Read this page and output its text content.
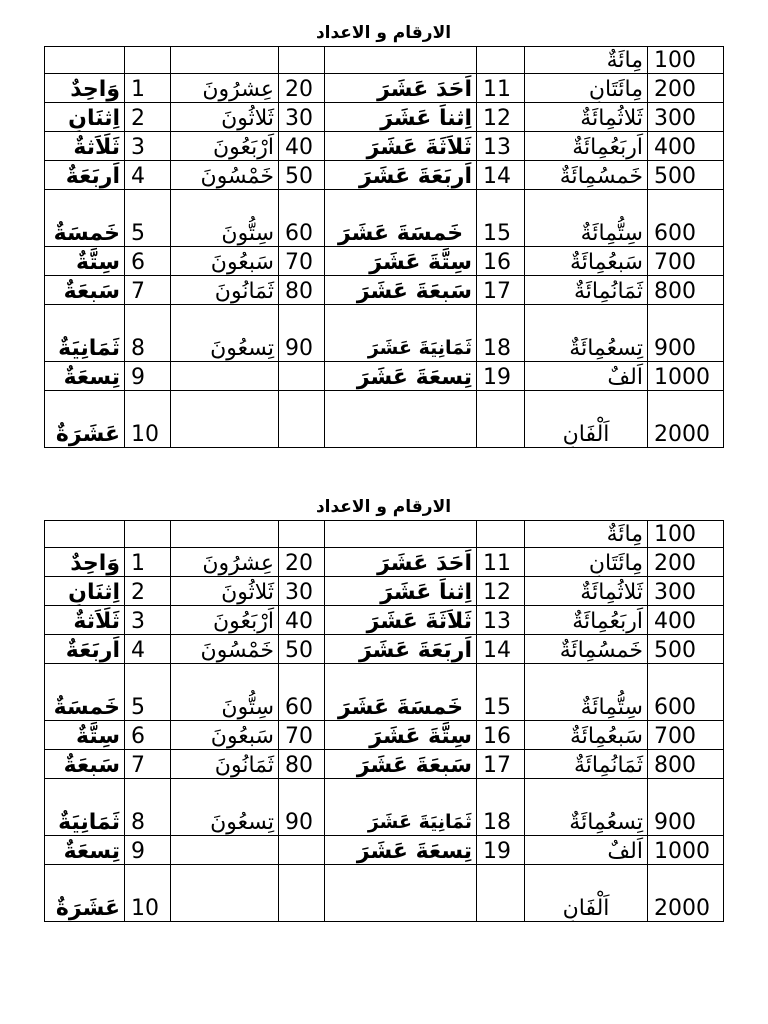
الارقام و الاعداد
						مِائَةٌ	100
وَاحِدٌ	1	عِشرُونَ	20	اَحَدَ عَشَرَ	11	مِائَتَانِ	200
اِثنَانِ	2	ثَلاثُونَ	30	اِثناَ عَشَرَ	12	ثَلاثُمِائَةٌ	300
ثَلَاَثةٌ	3	اَرْبَعُونَ	40	ثَلاَثَةَ عَشَرَ	13	اَربَعُمِائَةٌ	400
اَربَعَةٌ	4	خَمْسُونَ	50	اَربَعَةَ عَشَرَ	14	خَمسُمِائَةٌ	500
خَمسَةٌ	5	سِتُّونَ	60	خَمسَةَ عَشَرَ	15	سِتُّمِائَةٌ	600
سِتَّةٌ	6	سَبعُونَ	70	سِتَّةَ عَشَرَ	16	سَبعُمِائَةٌ	700
سَبعَةٌ	7	ثَمَانُونَ	80	سَبعَةَ عَشَرَ	17	ثَمَانُمِائَةٌ	800
ثَمَانِيَةٌ	8	تِسعُونَ	90	ثَمَانِيَةَ عَشَرَ	18	تِسعُمِائَةٌ	900
تِسعَةٌ	9			تِسعَةَ عَشَرَ	19	اَلفٌ	1000
عَشَرَةٌ	10					اَلْفَانِ	2000
الارقام و الاعداد
						مِائَةٌ	100
وَاحِدٌ	1	عِشرُونَ	20	اَحَدَ عَشَرَ	11	مِائَتَانِ	200
اِثنَانِ	2	ثَلاثُونَ	30	اِثناَ عَشَرَ	12	ثَلاثُمِائَةٌ	300
ثَلَاَثةٌ	3	اَرْبَعُونَ	40	ثَلاَثَةَ عَشَرَ	13	اَربَعُمِائَةٌ	400
اَربَعَةٌ	4	خَمْسُونَ	50	اَربَعَةَ عَشَرَ	14	خَمسُمِائَةٌ	500
خَمسَةٌ	5	سِتُّونَ	60	خَمسَةَ عَشَرَ	15	سِتُّمِائَةٌ	600
سِتَّةٌ	6	سَبعُونَ	70	سِتَّةَ عَشَرَ	16	سَبعُمِائَةٌ	700
سَبعَةٌ	7	ثَمَانُونَ	80	سَبعَةَ عَشَرَ	17	ثَمَانُمِائَةٌ	800
ثَمَانِيَةٌ	8	تِسعُونَ	90	ثَمَانِيَةَ عَشَرَ	18	تِسعُمِائَةٌ	900
تِسعَةٌ	9			تِسعَةَ عَشَرَ	19	اَلفٌ	1000
عَشَرَةٌ	10					اَلْفَانِ	2000
